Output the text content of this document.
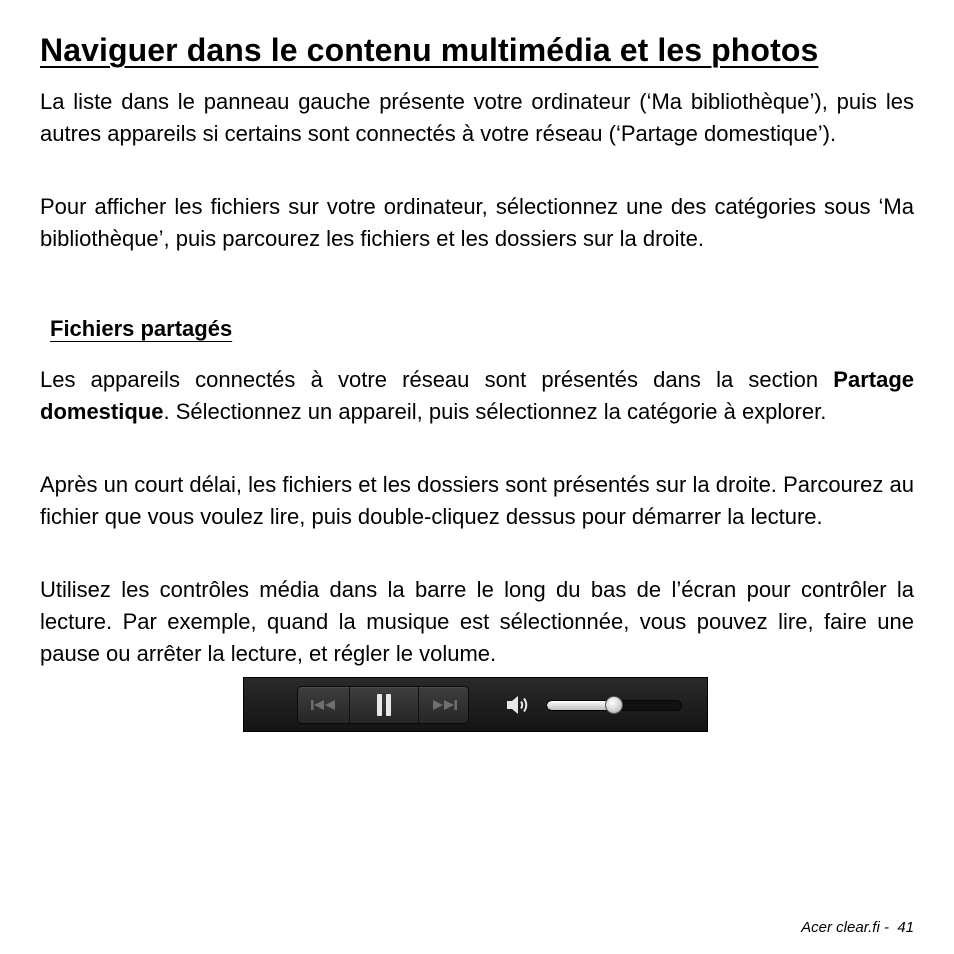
Naviguer dans le contenu multimédia et les photos

La liste dans le panneau gauche présente votre ordinateur (‘Ma bibliothèque’), puis les autres appareils si certains sont connectés à votre réseau (‘Partage domestique’).

Pour afficher les fichiers sur votre ordinateur, sélectionnez une des catégories sous ‘Ma bibliothèque’, puis parcourez les fichiers et les dossiers sur la droite.

Fichiers partagés

Les appareils connectés à votre réseau sont présentés dans la section Partage domestique. Sélectionnez un appareil, puis sélectionnez la catégorie à explorer.

Après un court délai, les fichiers et les dossiers sont présentés sur la droite. Parcourez au fichier que vous voulez lire, puis double-cliquez dessus pour démarrer la lecture.

Utilisez les contrôles média dans la barre le long du bas de l’écran pour contrôler la lecture. Par exemple, quand la musique est sélectionnée, vous pouvez lire, faire une pause ou arrêter la lecture, et régler le volume.

Acer clear.fi - 41
